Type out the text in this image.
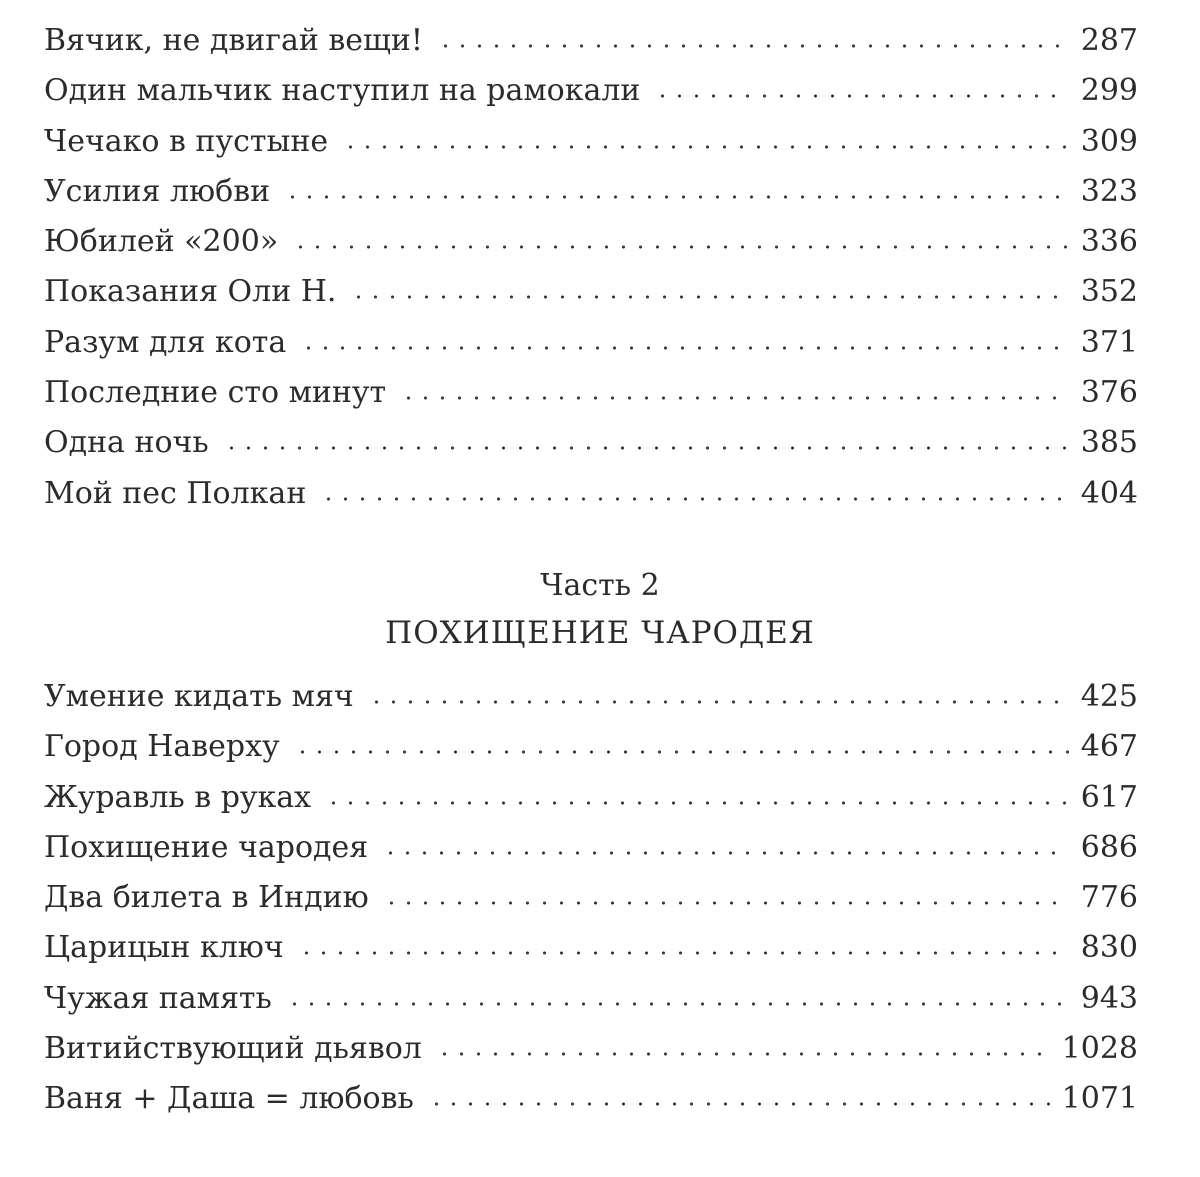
Вячик, не двигай вещи!	287
Один мальчик наступил на рамокали	299
Чечако в пустыне	309
Усилия любви	323
Юбилей «200»	336
Показания Оли Н.	352
Разум для кота	371
Последние сто минут	376
Одна ночь	385
Мой пес Полкан	404
Часть 2
ПОХИЩЕНИЕ ЧАРОДЕЯ
Умение кидать мяч	425
Город Наверху	467
Журавль в руках	617
Похищение чародея	686
Два билета в Индию	776
Царицын ключ	830
Чужая память	943
Витийствующий дьявол	1028
Ваня + Даша = любовь	1071
